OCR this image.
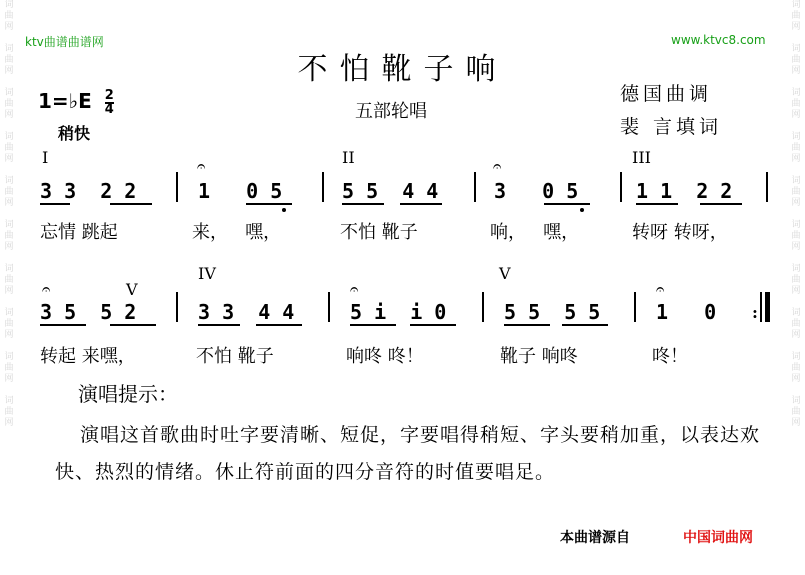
词曲网

词曲网

词曲网

词曲网

词曲网

词曲网

词曲网

词曲网

词曲网

词曲网
词曲网

词曲网

词曲网

词曲网

词曲网

词曲网

词曲网

词曲网

词曲网

词曲网
ktv曲谱曲谱网	www.ktvc8.com
不怕靴子响
1=♭E $\frac{2}{4}$
稍快
五部轮唱
德国曲调
裴 言填词
I	II	III
3 3  2 2	1   0 5	5 5  4 4	3   0 5	1 1  2 2
𝄐	𝄐
忘情 跳起	来，   嘿，	不怕 靴子	响，   嘿，	转呀 转呀，
IV	V
V
3 5  5 2	3 3  4 4	5 i  i 0	5 5  5 5	1   0
𝄐	𝄐	𝄐
:
转起 来嘿，	不怕 靴子	响咚 咚！	靴子 响咚	咚！
演唱提示：
演唱这首歌曲时吐字要清晰、短促，字要唱得稍短、字头要稍加重，以表达欢快、热烈的情绪。休止符前面的四分音符的时值要唱足。
本曲谱源自	中国词曲网
